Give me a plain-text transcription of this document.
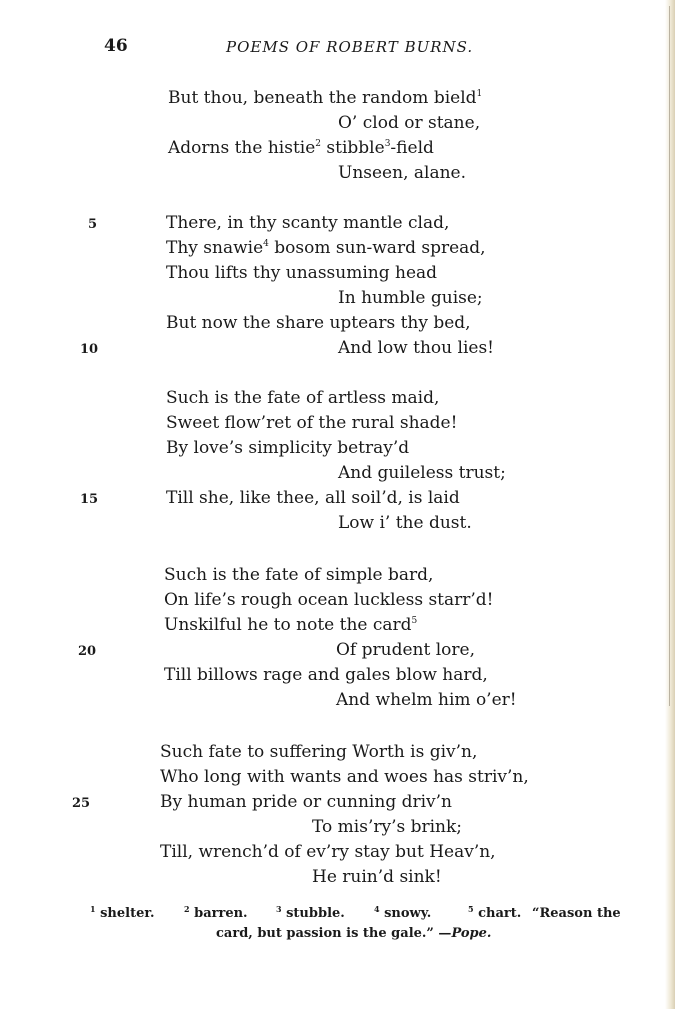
46	POEMS OF ROBERT BURNS.
But thou, beneath the random bield$^1$
O’ clod or stane,
Adorns the histie$^2$ stibble$^3$-field
Unseen, alane.
5	There, in thy scanty mantle clad,
Thy snawie$^4$ bosom sun-ward spread,
Thou lifts thy unassuming head
In humble guise;
But now the share uptears thy bed,
10	And low thou lies!
Such is the fate of artless maid,
Sweet flow’ret of the rural shade!
By love’s simplicity betray’d
And guileless trust;
15	Till she, like thee, all soil’d, is laid
Low i’ the dust.
Such is the fate of simple bard,
On life’s rough ocean luckless starr’d!
Unskilful he to note the card$^5$
20	Of prudent lore,
Till billows rage and gales blow hard,
And whelm him o’er!
Such fate to suffering Worth is giv’n,
Who long with wants and woes has striv’n,
25	By human pride or cunning driv’n
To mis’ry’s brink;
Till, wrench’d of ev’ry stay but Heav’n,
He ruin’d sink!
$^1$ shelter.	$^2$ barren.	$^3$ stubble.	$^4$ snowy.	$^5$ chart. “Reason the
card, but passion is the gale.” —Pope.
